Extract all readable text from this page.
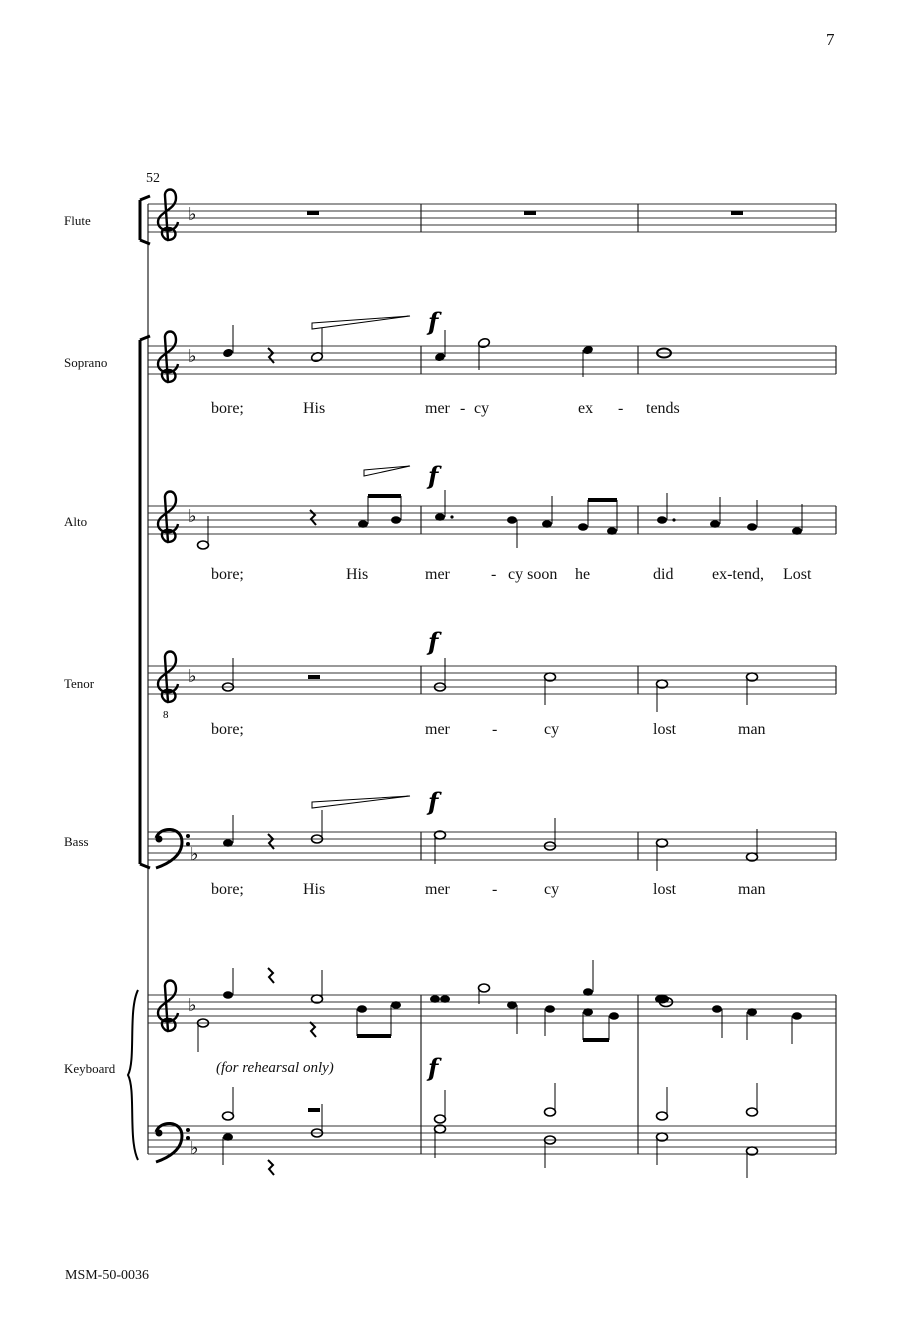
7
52
MSM-50-0036
Flute
Soprano
Alto
Tenor
Bass
Keyboard
bore;	His	mer - cy	ex - tends
bore;	His	mer	- cy soon he	did ex-tend, Lost
bore;	mer	-	cy	lost	man
bore;	His	mer	-	cy	lost	man
(for rehearsal only)
8
♭
♭
♭
♭
♭
♭
♭
f
f
f
f
f
